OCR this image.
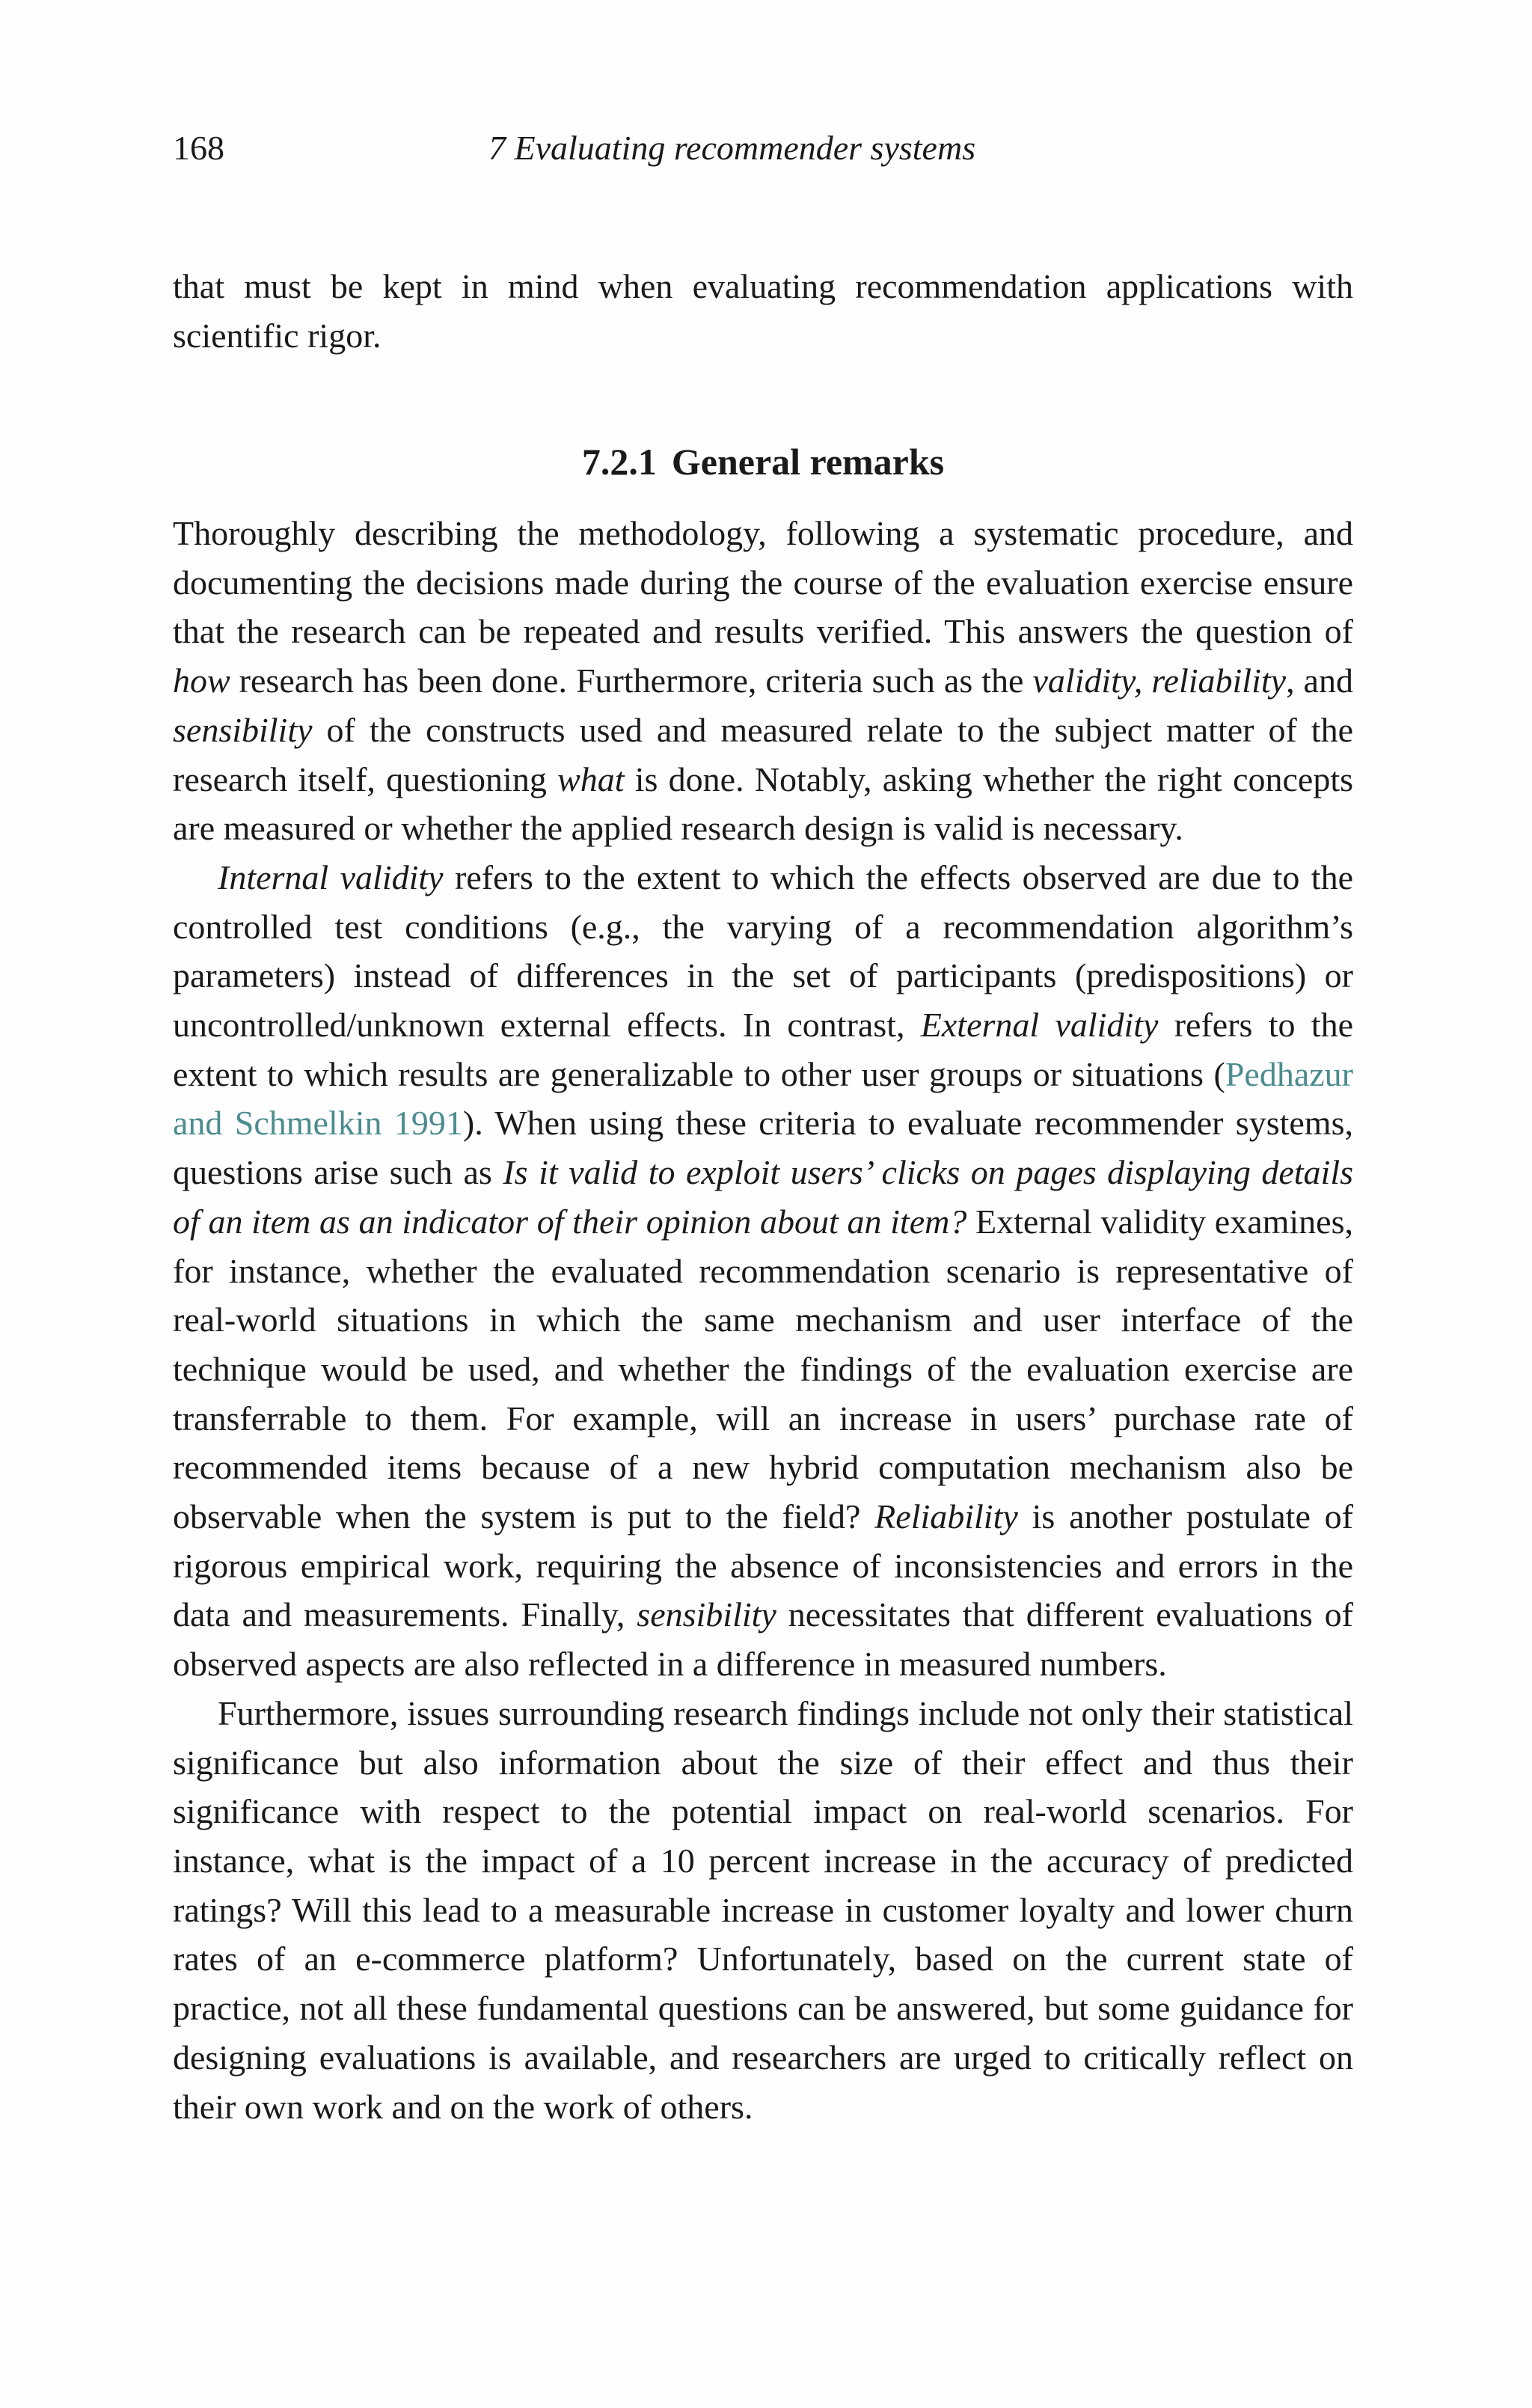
168	7 Evaluating recommender systems

that must be kept in mind when evaluating recommendation applications with scientific rigor.

7.2.1 General remarks

Thoroughly describing the methodology, following a systematic procedure, and documenting the decisions made during the course of the evaluation exercise ensure that the research can be repeated and results verified. This answers the question of how research has been done. Furthermore, criteria such as the validity, reliability, and sensibility of the constructs used and measured relate to the subject matter of the research itself, questioning what is done. Notably, asking whether the right concepts are measured or whether the applied research design is valid is necessary.

Internal validity refers to the extent to which the effects observed are due to the controlled test conditions (e.g., the varying of a recommendation algorithm’s parameters) instead of differences in the set of participants (predispositions) or uncontrolled/unknown external effects. In contrast, External validity refers to the extent to which results are generalizable to other user groups or situations (Pedhazur and Schmelkin 1991). When using these criteria to evaluate recommender systems, questions arise such as Is it valid to exploit users’ clicks on pages displaying details of an item as an indicator of their opinion about an item? External validity examines, for instance, whether the evaluated recommendation scenario is representative of real-world situations in which the same mechanism and user interface of the technique would be used, and whether the findings of the evaluation exercise are transferrable to them. For example, will an increase in users’ purchase rate of recommended items because of a new hybrid computation mechanism also be observable when the system is put to the field? Reliability is another postulate of rigorous empirical work, requiring the absence of inconsistencies and errors in the data and measurements. Finally, sensibility necessitates that different evaluations of observed aspects are also reflected in a difference in measured numbers.

Furthermore, issues surrounding research findings include not only their statistical significance but also information about the size of their effect and thus their significance with respect to the potential impact on real-world scenarios. For instance, what is the impact of a 10 percent increase in the accuracy of predicted ratings? Will this lead to a measurable increase in customer loyalty and lower churn rates of an e-commerce platform? Unfortunately, based on the current state of practice, not all these fundamental questions can be answered, but some guidance for designing evaluations is available, and researchers are urged to critically reflect on their own work and on the work of others.
